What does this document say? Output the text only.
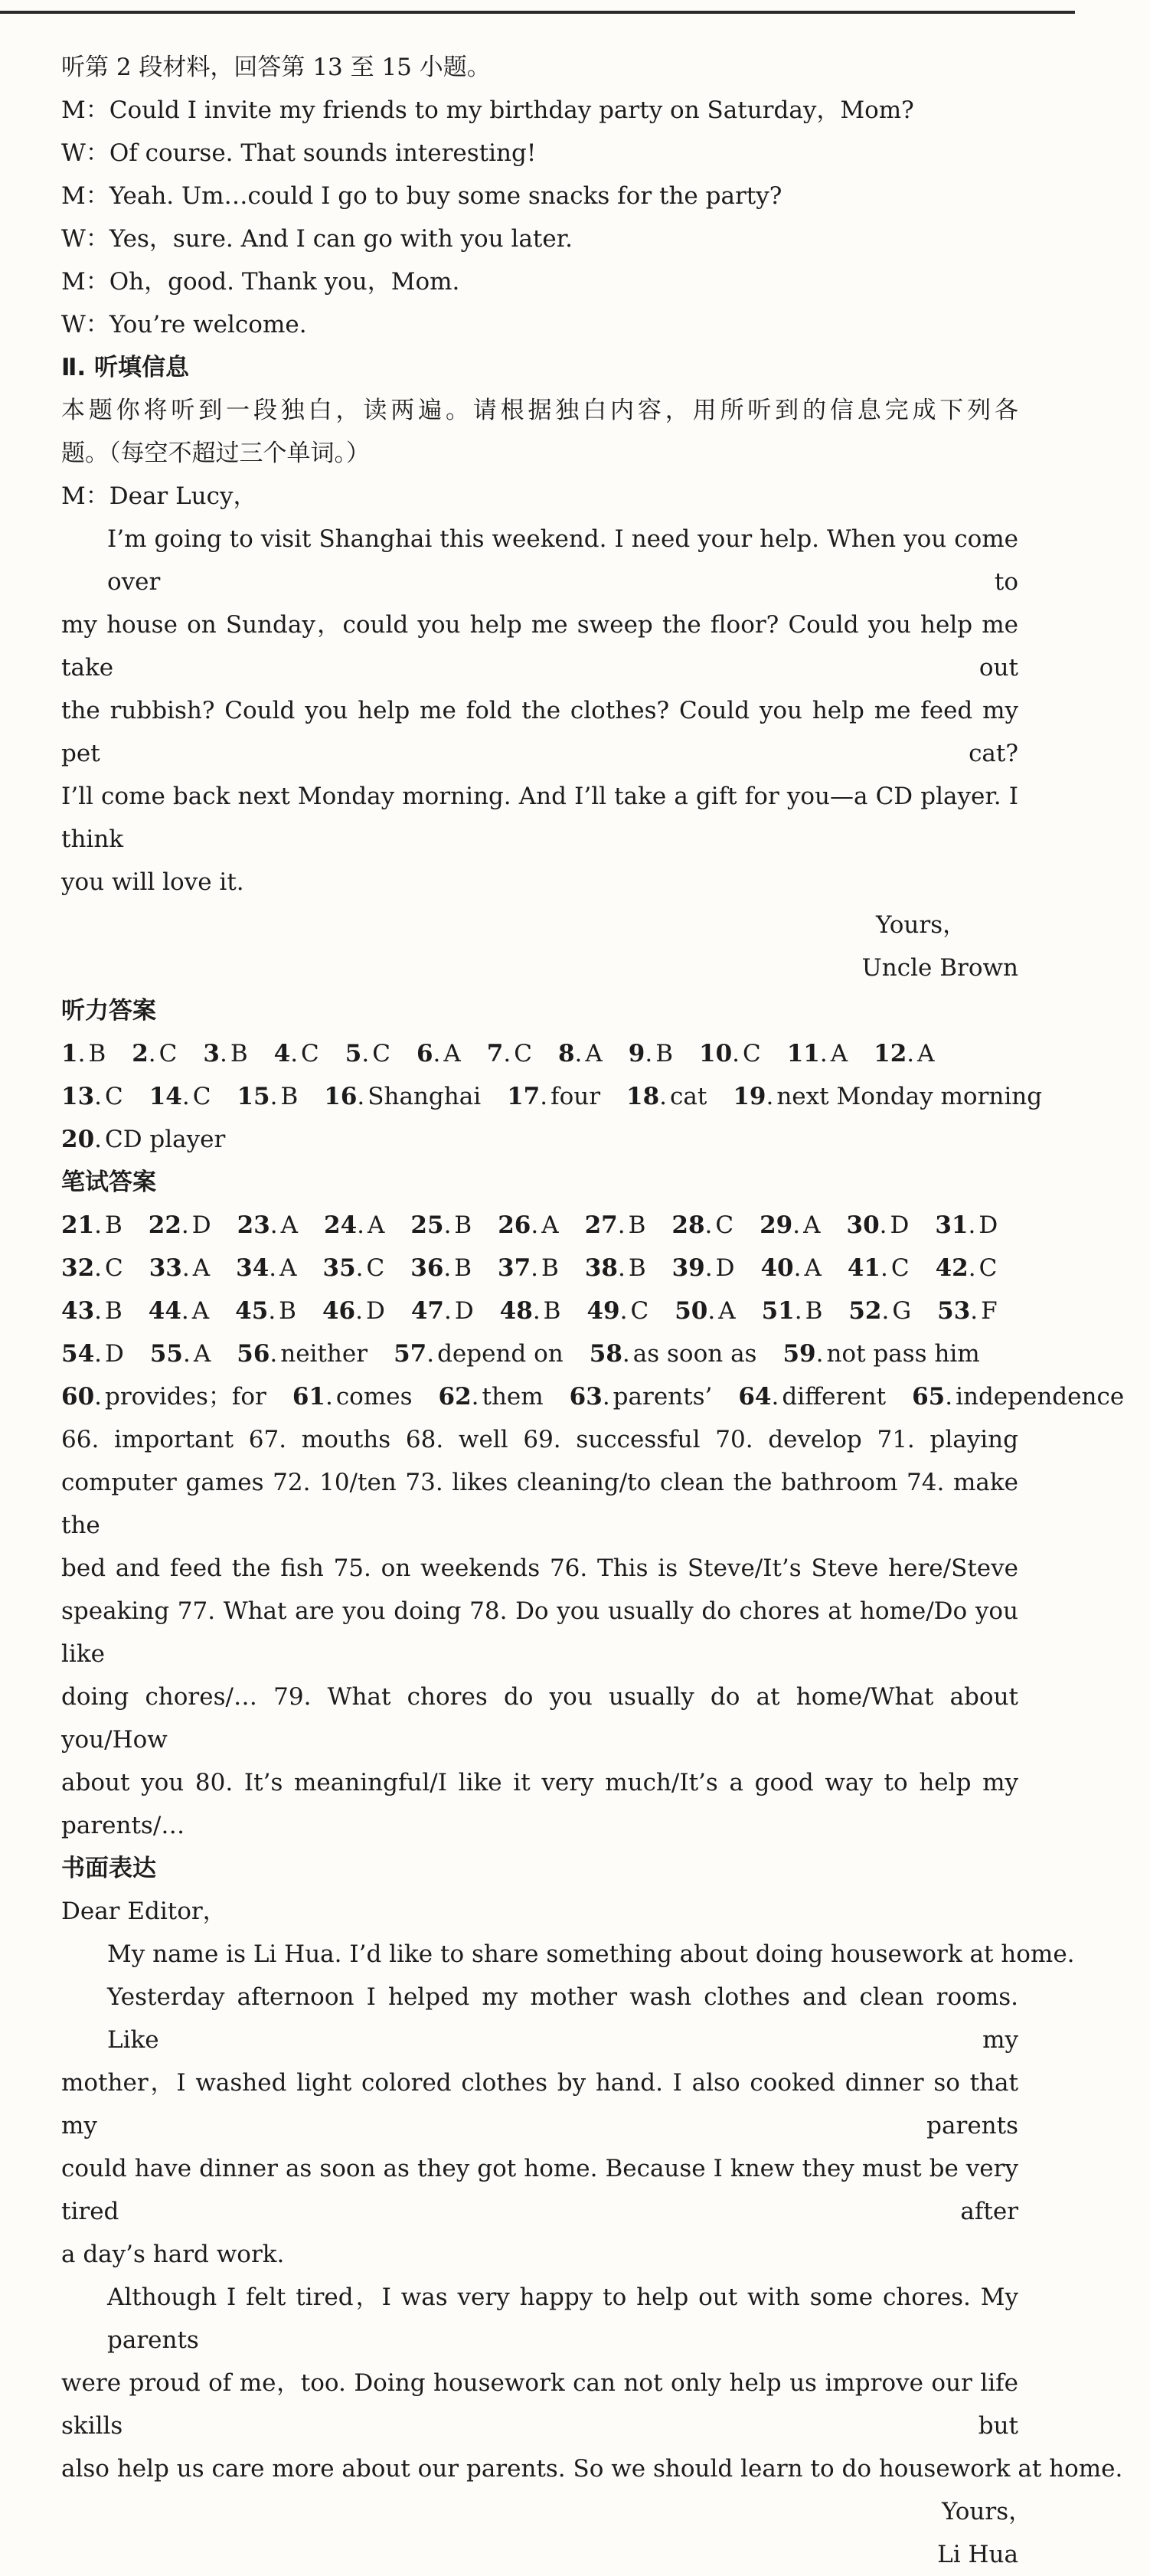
听第 2 段材料，回答第 13 至 15 小题。
M：Could I invite my friends to my birthday party on Saturday，Mom?
W：Of course. That sounds interesting!
M：Yeah. Um…could I go to buy some snacks for the party?
W：Yes，sure. And I can go with you later.
M：Oh，good. Thank you，Mom.
W：You’re welcome.
Ⅱ. 听填信息
本题你将听到一段独白，读两遍。请根据独白内容，用所听到的信息完成下列各
题。（每空不超过三个单词。）
M：Dear Lucy，
I’m going to visit Shanghai this weekend. I need your help. When you come over to
my house on Sunday，could you help me sweep the floor? Could you help me take out
the rubbish? Could you help me fold the clothes? Could you help me feed my pet cat?
I’ll come back next Monday morning. And I’ll take a gift for you—a CD player. I think
you will love it.
Yours，
Uncle Brown
听力答案
1. B 2. C 3. B 4. C 5. C 6. A 7. C 8. A 9. B 10. C 11. A 12. A
13. C 14. C 15. B 16. Shanghai 17. four 18. cat 19. next Monday morning
20. CD player
笔试答案
21. B 22. D 23. A 24. A 25. B 26. A 27. B 28. C 29. A 30. D 31. D
32. C 33. A 34. A 35. C 36. B 37. B 38. B 39. D 40. A 41. C 42. C
43. B 44. A 45. B 46. D 47. D 48. B 49. C 50. A 51. B 52. G 53. F
54. D 55. A 56. neither 57. depend on 58. as soon as 59. not pass him
60. provides；for 61. comes 62. them 63. parents’ 64. different 65. independence
66. important 67. mouths 68. well 69. successful 70. develop 71. playing
computer games 72. 10/ten 73. likes cleaning/to clean the bathroom 74. make the
bed and feed the fish 75. on weekends 76. This is Steve/It’s Steve here/Steve
speaking 77. What are you doing 78. Do you usually do chores at home/Do you like
doing chores/… 79. What chores do you usually do at home/What about you/How
about you 80. It’s meaningful/I like it very much/It’s a good way to help my
parents/…
书面表达
Dear Editor，
My name is Li Hua. I’d like to share something about doing housework at home.
Yesterday afternoon I helped my mother wash clothes and clean rooms. Like my
mother，I washed light colored clothes by hand. I also cooked dinner so that my parents
could have dinner as soon as they got home. Because I knew they must be very tired after
a day’s hard work.
Although I felt tired，I was very happy to help out with some chores. My parents
were proud of me，too. Doing housework can not only help us improve our life skills but
also help us care more about our parents. So we should learn to do housework at home.
Yours，
Li Hua
